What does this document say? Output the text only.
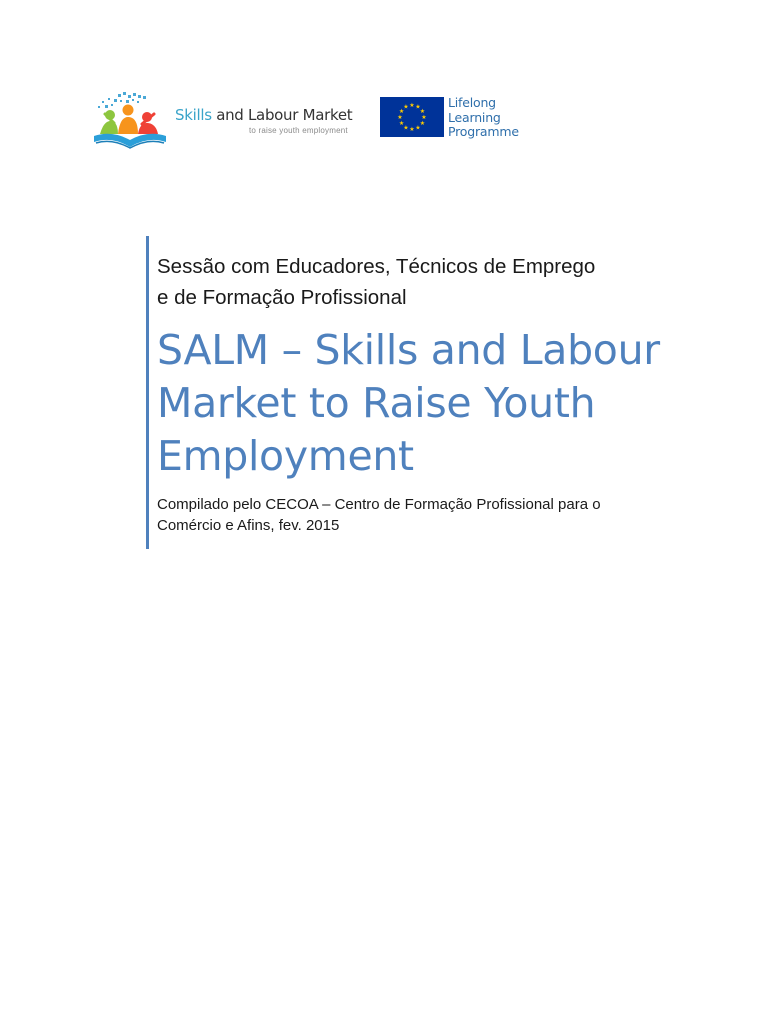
Skills and Labour Market
to raise youth employment
★ ★
★
★
★
★
★
★
★
★
★
★	Lifelong
Learning
Programme
Sessão com Educadores, Técnicos de Emprego
e de Formação Profissional
SALM – Skills and Labour
Market to Raise Youth
Employment
Compilado pelo CECOA – Centro de Formação Profissional para o
Comércio e Afins, fev. 2015
